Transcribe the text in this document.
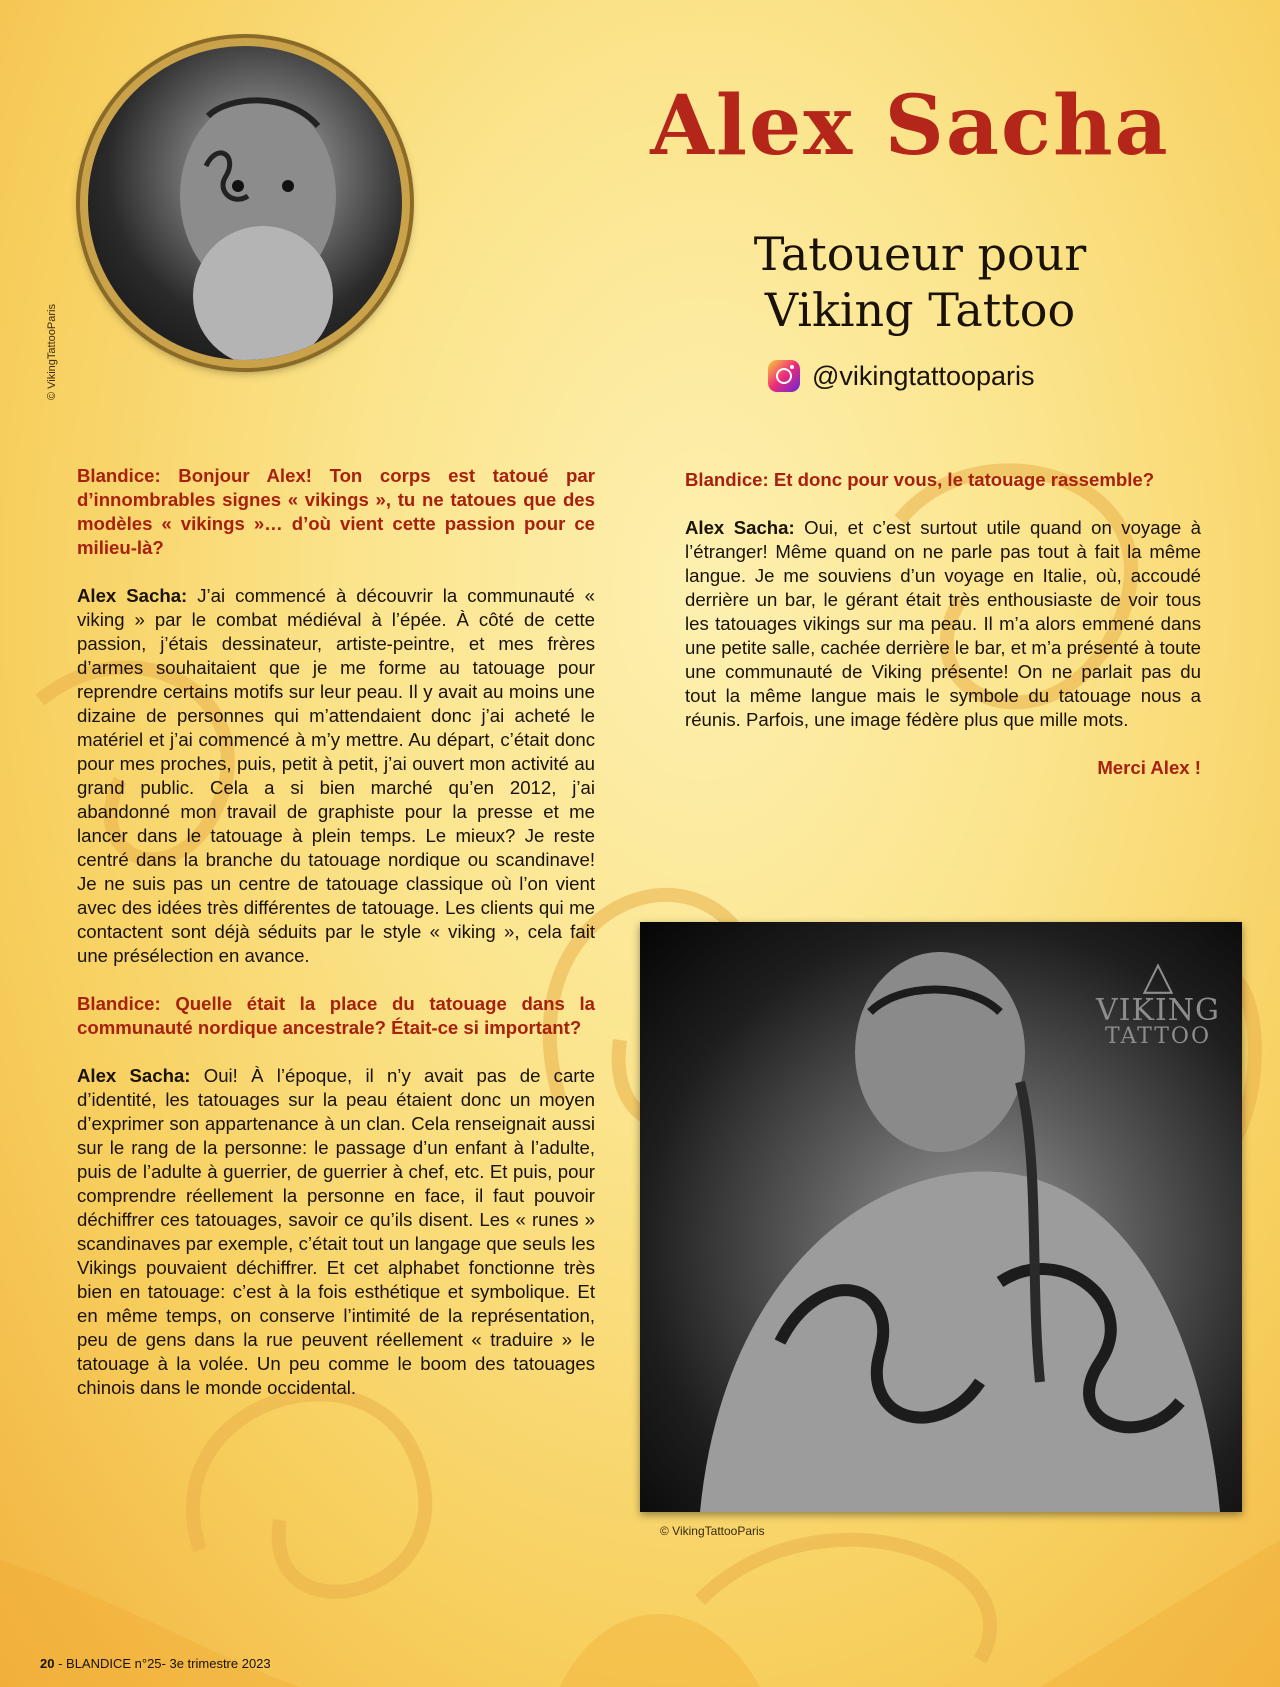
© VikingTattooParis
Alex Sacha
Tatoueur pour
Viking Tattoo
@vikingtattooparis

Blandice: Bonjour Alex! Ton corps est tatoué par d’innombrables signes « vikings », tu ne tatoues que des modèles « vikings »… d’où vient cette passion pour ce milieu-là?

Alex Sacha: J’ai commencé à découvrir la communauté « viking » par le combat médiéval à l’épée. À côté de cette passion, j’étais dessinateur, artiste-peintre, et mes frères d’armes souhaitaient que je me forme au tatouage pour reprendre certains motifs sur leur peau. Il y avait au moins une dizaine de personnes qui m’attendaient donc j’ai acheté le matériel et j’ai commencé à m’y mettre. Au départ, c’était donc pour mes proches, puis, petit à petit, j’ai ouvert mon activité au grand public. Cela a si bien marché qu’en 2012, j’ai abandonné mon travail de graphiste pour la presse et me lancer dans le tatouage à plein temps. Le mieux? Je reste centré dans la branche du tatouage nordique ou scandinave! Je ne suis pas un centre de tatouage classique où l’on vient avec des idées très différentes de tatouage. Les clients qui me contactent sont déjà séduits par le style « viking », cela fait une présélection en avance.

Blandice: Quelle était la place du tatouage dans la communauté nordique ancestrale? Était-ce si important?

Alex Sacha: Oui! À l’époque, il n’y avait pas de carte d’identité, les tatouages sur la peau étaient donc un moyen d’exprimer son appartenance à un clan. Cela renseignait aussi sur le rang de la personne: le passage d’un enfant à l’adulte, puis de l’adulte à guerrier, de guerrier à chef, etc. Et puis, pour comprendre réellement la personne en face, il faut pouvoir déchiffrer ces tatouages, savoir ce qu’ils disent. Les « runes » scandinaves par exemple, c’était tout un langage que seuls les Vikings pouvaient déchiffrer. Et cet alphabet fonctionne très bien en tatouage: c’est à la fois esthétique et symbolique. Et en même temps, on conserve l’intimité de la représentation, peu de gens dans la rue peuvent réellement « traduire » le tatouage à la volée. Un peu comme le boom des tatouages chinois dans le monde occidental.

Blandice: Et donc pour vous, le tatouage rassemble?

Alex Sacha: Oui, et c’est surtout utile quand on voyage à l’étranger! Même quand on ne parle pas tout à fait la même langue. Je me souviens d’un voyage en Italie, où, accoudé derrière un bar, le gérant était très enthousiaste de voir tous les tatouages vikings sur ma peau. Il m’a alors emmené dans une petite salle, cachée derrière le bar, et m’a présenté à toute une communauté de Viking présente! On ne parlait pas du tout la même langue mais le symbole du tatouage nous a réunis. Parfois, une image fédère plus que mille mots.

Merci Alex !

△
VIKING
TATTOO
© VikingTattooParis
20 - BLANDICE n°25- 3e trimestre 2023
